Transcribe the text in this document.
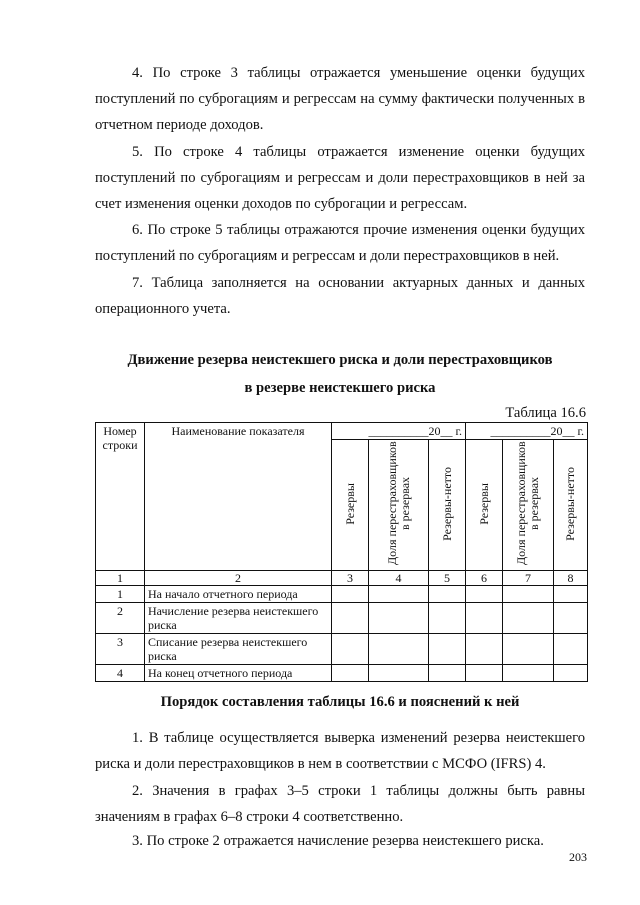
4. По строке 3 таблицы отражается уменьшение оценки будущих поступлений по суброгациям и регрессам на сумму фактически полученных в отчетном периоде доходов.

5. По строке 4 таблицы отражается изменение оценки будущих поступлений по суброгациям и регрессам и доли перестраховщиков в ней за счет изменения оценки доходов по суброгации и регрессам.

6. По строке 5 таблицы отражаются прочие изменения оценки будущих поступлений по суброгациям и регрессам и доли перестраховщиков в ней.

7. Таблица заполняется на основании актуарных данных и данных операционного учета.

Движение резерва неистекшего риска и доли перестраховщиков

в резерве неистекшего риска

Таблица 16.6
Номер строки	Наименование показателя	__________20__ г.			__________20__ г.		
		Резервы	Доля перестраховщиков в резервах	Резервы-нетто	Резервы	Доля перестраховщиков в резервах	Резервы-нетто
1	2	3	4	5	6	7	8
1	На начало отчетного периода						
2	Начисление резерва неистекшего риска						
3	Списание резерва неистекшего риска						
4	На конец отчетного периода						

Порядок составления таблицы 16.6 и пояснений к ней

1. В таблице осуществляется выверка изменений резерва неистекшего риска и доли перестраховщиков в нем в соответствии с МСФО (IFRS) 4.

2. Значения в графах 3–5 строки 1 таблицы должны быть равны значениям в графах 6–8 строки 4 соответственно.

3. По строке 2 отражается начисление резерва неистекшего риска.

203
